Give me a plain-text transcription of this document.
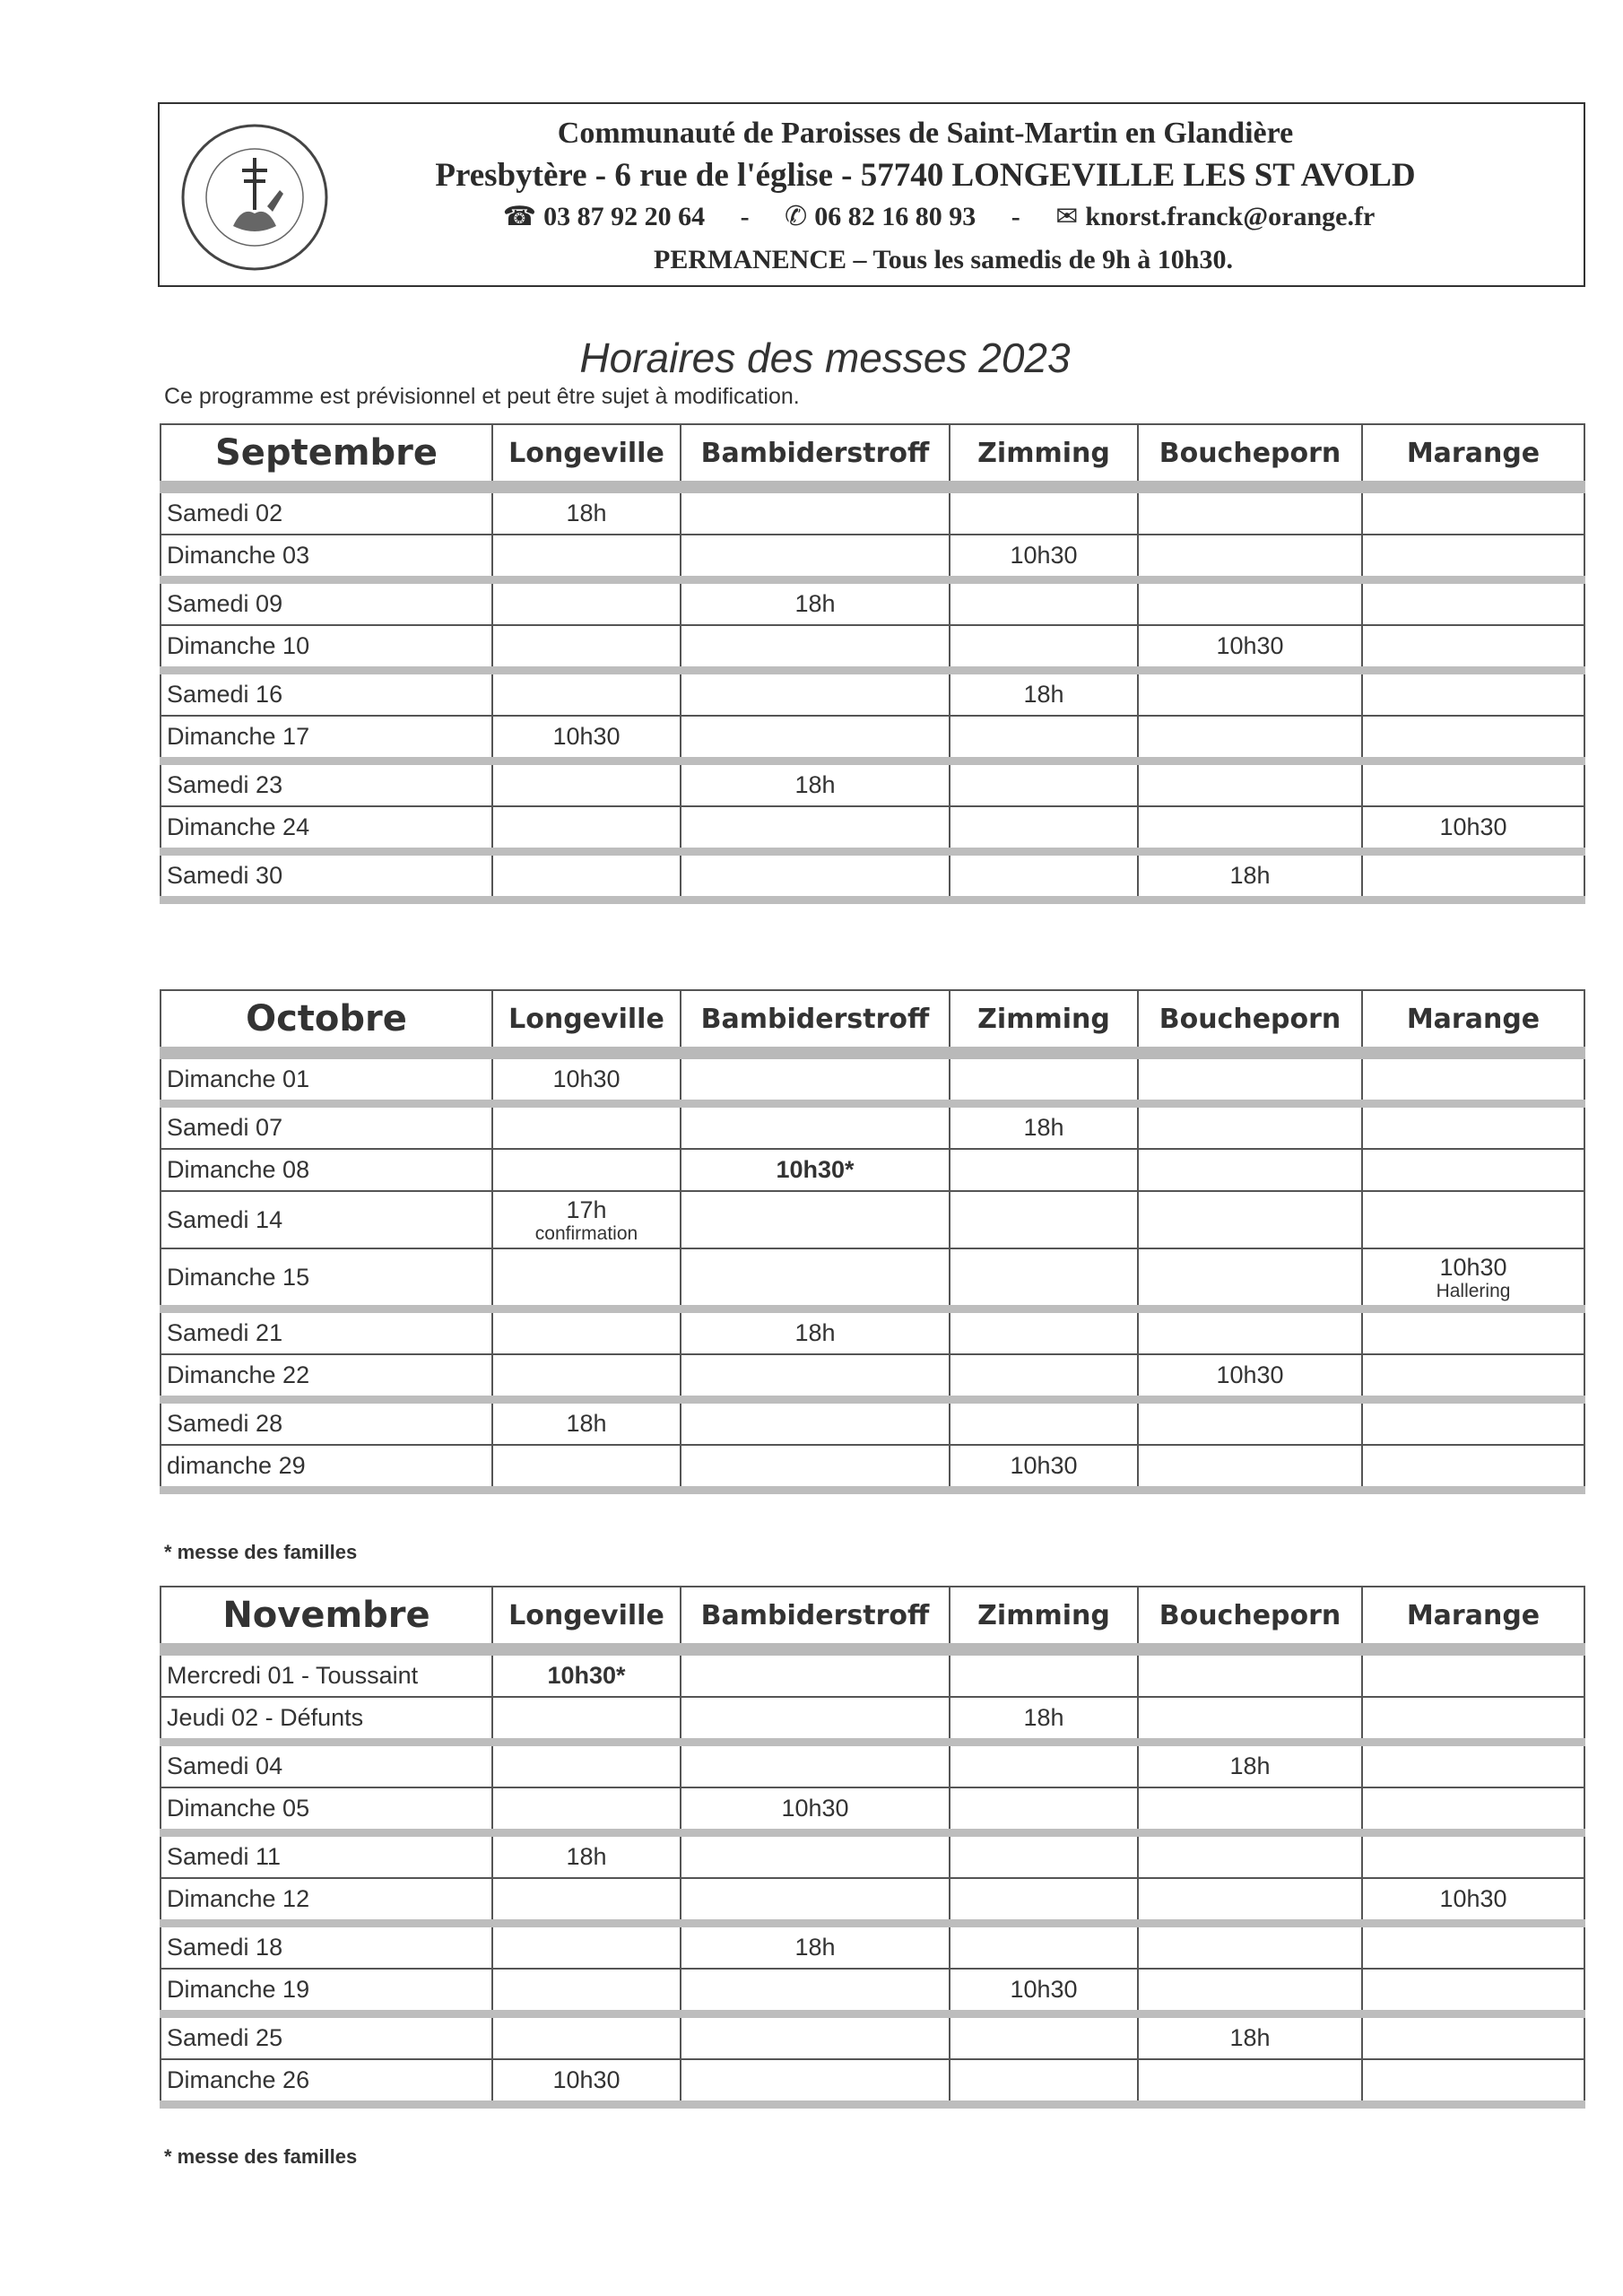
Communauté de Paroisses de Saint-Martin en Glandière
Presbytère - 6 rue de l'église - 57740 LONGEVILLE LES ST AVOLD
☎ 03 87 92 20 64 - ✆ 06 82 16 80 93 - ✉ knorst.franck@orange.fr
PERMANENCE – Tous les samedis de 9h à 10h30.
Horaires des messes 2023
Ce programme est prévisionnel et peut être sujet à modification.
Septembre	Longeville	Bambiderstroff	Zimming	Boucheporn	Marange
Samedi 02	18h				
Dimanche 03			10h30		
Samedi 09		18h			
Dimanche 10				10h30	
Samedi 16			18h		
Dimanche 17	10h30				
Samedi 23		18h			
Dimanche 24					10h30
Samedi 30				18h	
Octobre	Longeville	Bambiderstroff	Zimming	Boucheporn	Marange
Dimanche 01	10h30				
Samedi 07			18h		
Dimanche 08		10h30*			
Samedi 14	17h
confirmation				

Dimanche 15					10h30
Hallering

Samedi 21		18h			
Dimanche 22				10h30	
Samedi 28	18h				
dimanche 29			10h30		
* messe des familles
Novembre	Longeville	Bambiderstroff	Zimming	Boucheporn	Marange
Mercredi 01 - Toussaint	10h30*				
Jeudi 02 - Défunts			18h		
Samedi 04				18h	
Dimanche 05		10h30			
Samedi 11	18h				
Dimanche 12					10h30
Samedi 18		18h			
Dimanche 19			10h30		
Samedi 25				18h	
Dimanche 26	10h30				
* messe des familles
